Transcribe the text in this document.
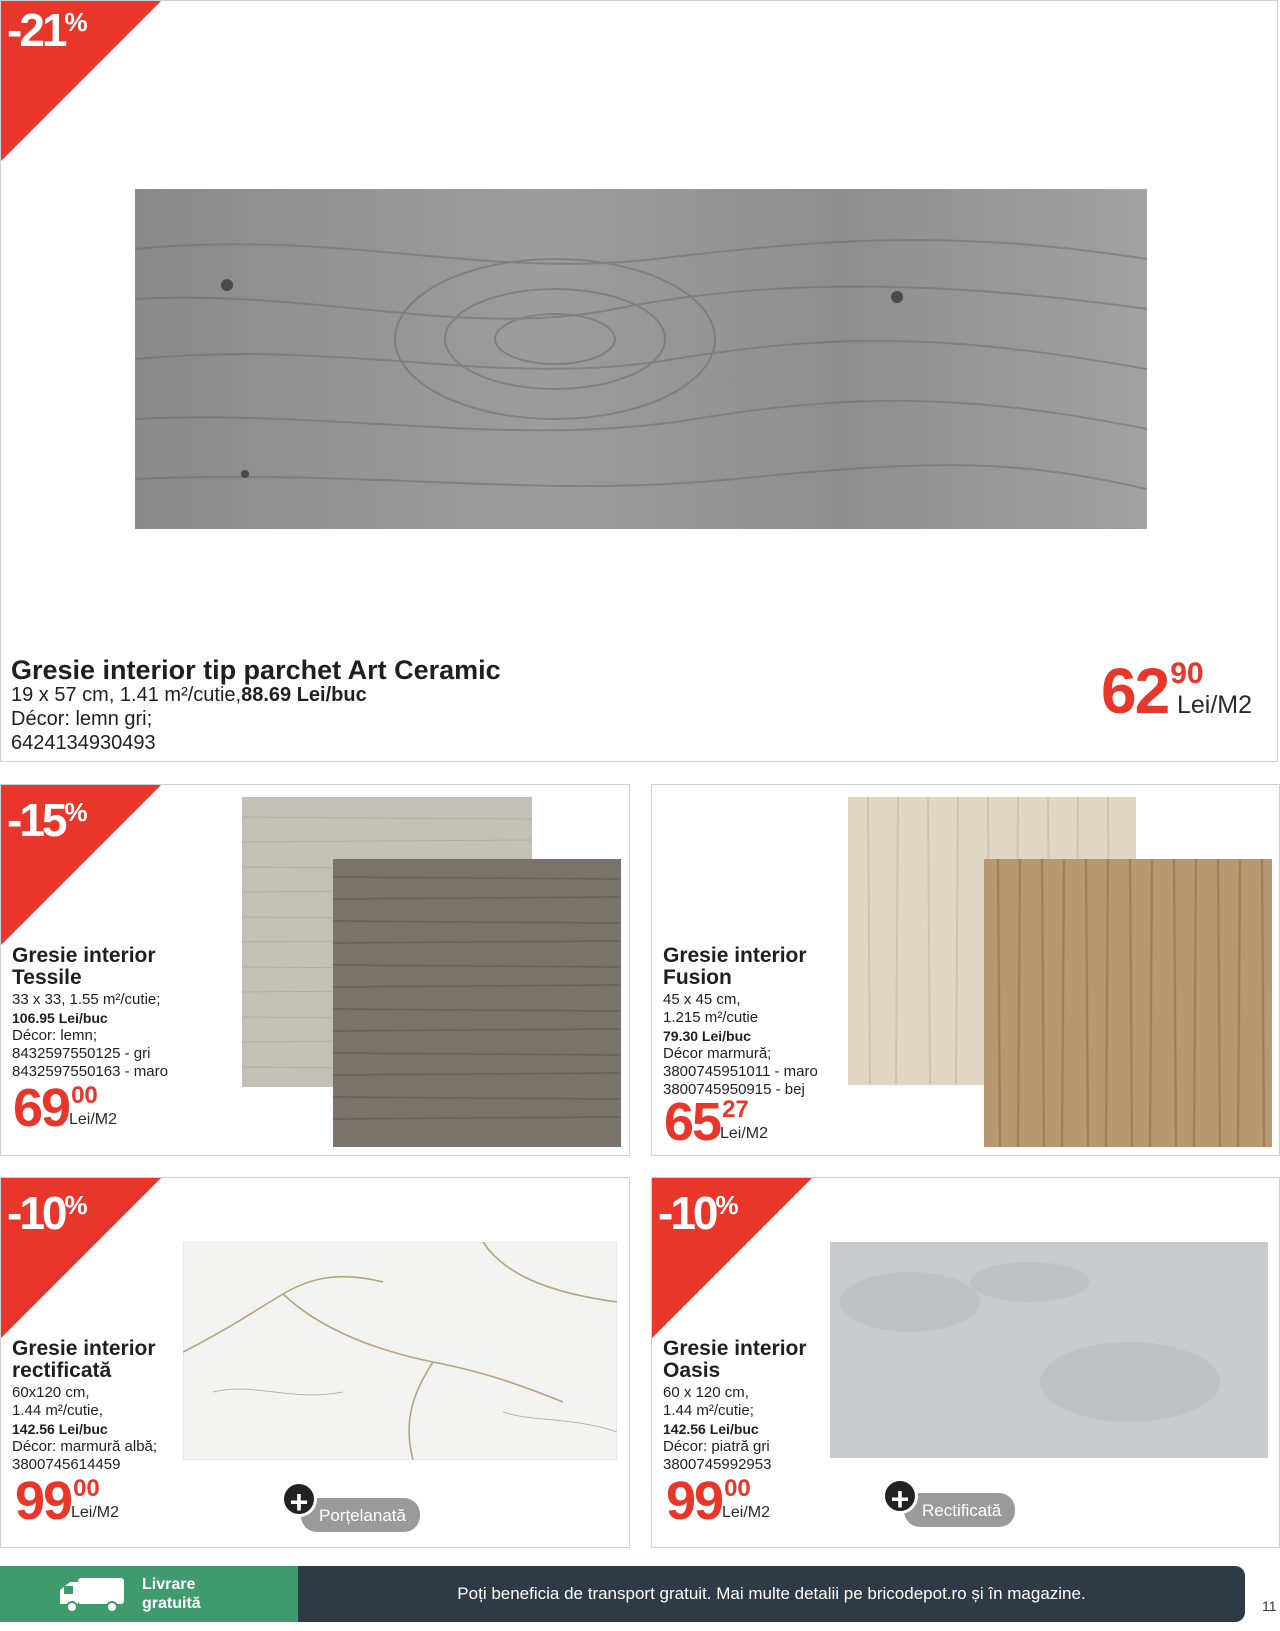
-21%
Gresie interior tip parchet Art Ceramic
19 x 57 cm, 1.41 m²/cutie,88.69 Lei/buc
Décor: lemn gri;
6424134930493
62 90
Lei/M2
-15%
Gresie interior
Tessile
33 x 33, 1.55 m²/cutie;
106.95 Lei/buc
Décor: lemn;
8432597550125 - gri
8432597550163 - maro
69 00
Lei/M2
Gresie interior
Fusion
45 x 45 cm,
1.215 m²/cutie
79.30 Lei/buc
Décor marmură;
3800745951011 - maro
3800745950915 - bej
65 27
Lei/M2
-10%
Gresie interior
rectificată
60x120 cm,
1.44 m²/cutie,
142.56 Lei/buc
Décor: marmură albă;
3800745614459
99 00
Lei/M2	Porțelanată
+
-10%
Gresie interior
Oasis
60 x 120 cm,
1.44 m²/cutie;
142.56 Lei/buc
Décor: piatră gri
3800745992953
99 00
Lei/M2	Rectificată
+
Livrare
gratuită
Poți beneficia de transport gratuit. Mai multe detalii pe bricodepot.ro și în magazine.
11
